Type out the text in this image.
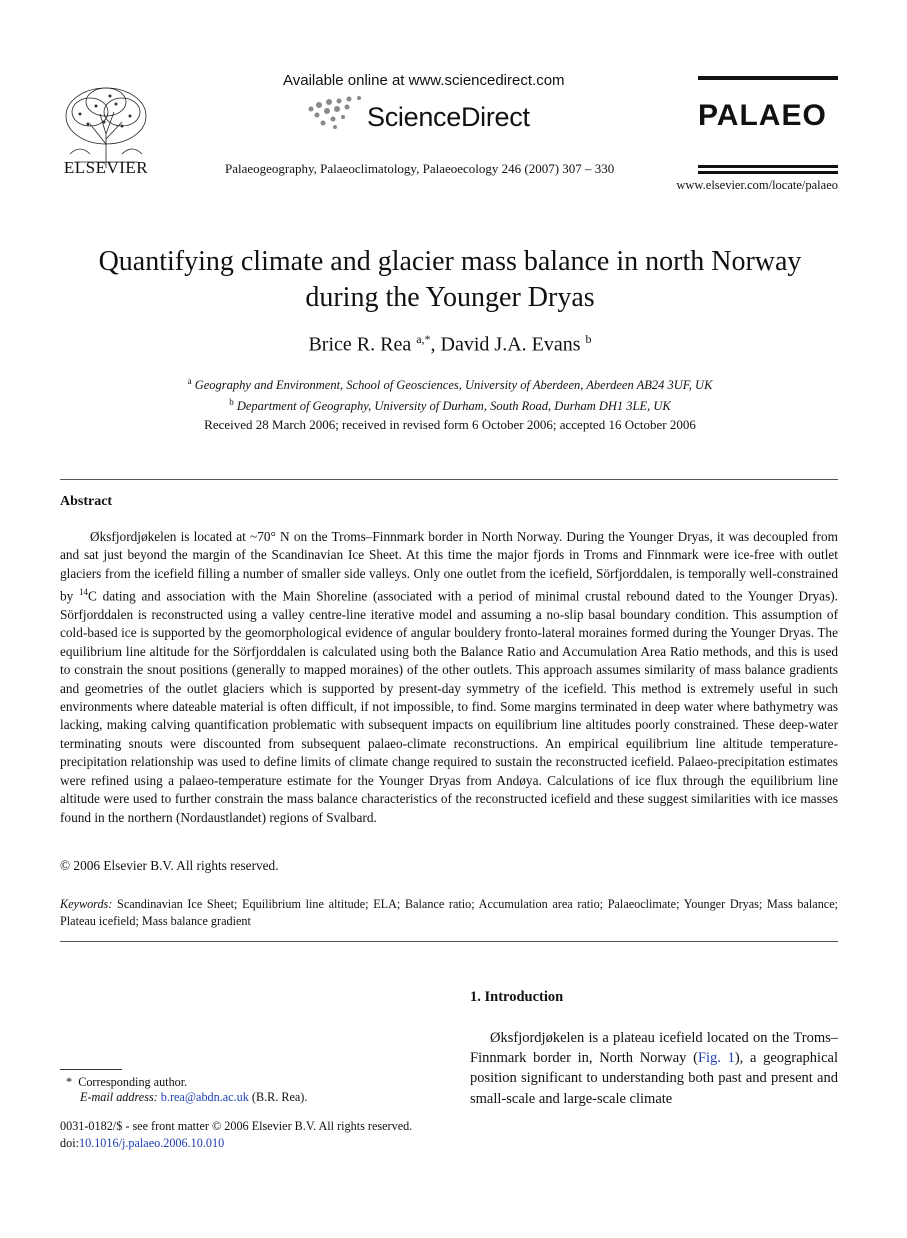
ELSEVIER
Available online at www.sciencedirect.com
ScienceDirect
Palaeogeography, Palaeoclimatology, Palaeoecology 246 (2007) 307 – 330
PALAEO
www.elsevier.com/locate/palaeo
Quantifying climate and glacier mass balance in north Norway
during the Younger Dryas
Brice R. Rea $^{a,*}$, David J.A. Evans $^b$
$^a$ Geography and Environment, School of Geosciences, University of Aberdeen, Aberdeen AB24 3UF, UK
$^b$ Department of Geography, University of Durham, South Road, Durham DH1 3LE, UK
Received 28 March 2006; received in revised form 6 October 2006; accepted 16 October 2006
Abstract
Øksfjordjøkelen is located at ~70° N on the Troms–Finnmark border in North Norway. During the Younger Dryas, it was decoupled from and sat just beyond the margin of the Scandinavian Ice Sheet. At this time the major fjords in Troms and Finnmark were ice-free with outlet glaciers from the icefield filling a number of smaller side valleys. Only one outlet from the icefield, Sörfjorddalen, is temporally well-constrained by $^{14}$C dating and association with the Main Shoreline (associated with a period of minimal crustal rebound dated to the Younger Dryas). Sörfjorddalen is reconstructed using a valley centre-line iterative model and assuming a no-slip basal boundary condition. This assumption of cold-based ice is supported by the geomorphological evidence of angular bouldery fronto-lateral moraines formed during the Younger Dryas. The equilibrium line altitude for the Sörfjorddalen is calculated using both the Balance Ratio and Accumulation Area Ratio methods, and this is used to constrain the snout positions (generally to mapped moraines) of the other outlets. This approach assumes similarity of mass balance gradients and geometries of the outlet glaciers which is supported by present-day symmetry of the icefield. This method is extremely useful in such environments where dateable material is often difficult, if not impossible, to find. Some margins terminated in deep water where bathymetry was lacking, making calving quantification problematic with subsequent impacts on equilibrium line altitudes poorly constrained. These deep-water terminating snouts were discounted from subsequent palaeo-climate reconstructions. An empirical equilibrium line altitude temperature-precipitation relationship was used to define limits of climate change required to sustain the reconstructed icefield. Palaeo-precipitation estimates were refined using a palaeo-temperature estimate for the Younger Dryas from Andøya. Calculations of ice flux through the equilibrium line altitude were used to further constrain the mass balance characteristics of the reconstructed icefield and these suggest similarities with ice masses found in the northern (Nordaustlandet) regions of Svalbard.
© 2006 Elsevier B.V. All rights reserved.
Keywords: Scandinavian Ice Sheet; Equilibrium line altitude; ELA; Balance ratio; Accumulation area ratio; Palaeoclimate; Younger Dryas; Mass balance; Plateau icefield; Mass balance gradient
1. Introduction
Øksfjordjøkelen is a plateau icefield located on the Troms–Finnmark border in, North Norway (Fig. 1), a geographical position significant to understanding both past and present and small-scale and large-scale climate
* Corresponding author.
E-mail address: b.rea@abdn.ac.uk (B.R. Rea).
0031-0182/$ - see front matter © 2006 Elsevier B.V. All rights reserved.
doi:10.1016/j.palaeo.2006.10.010
